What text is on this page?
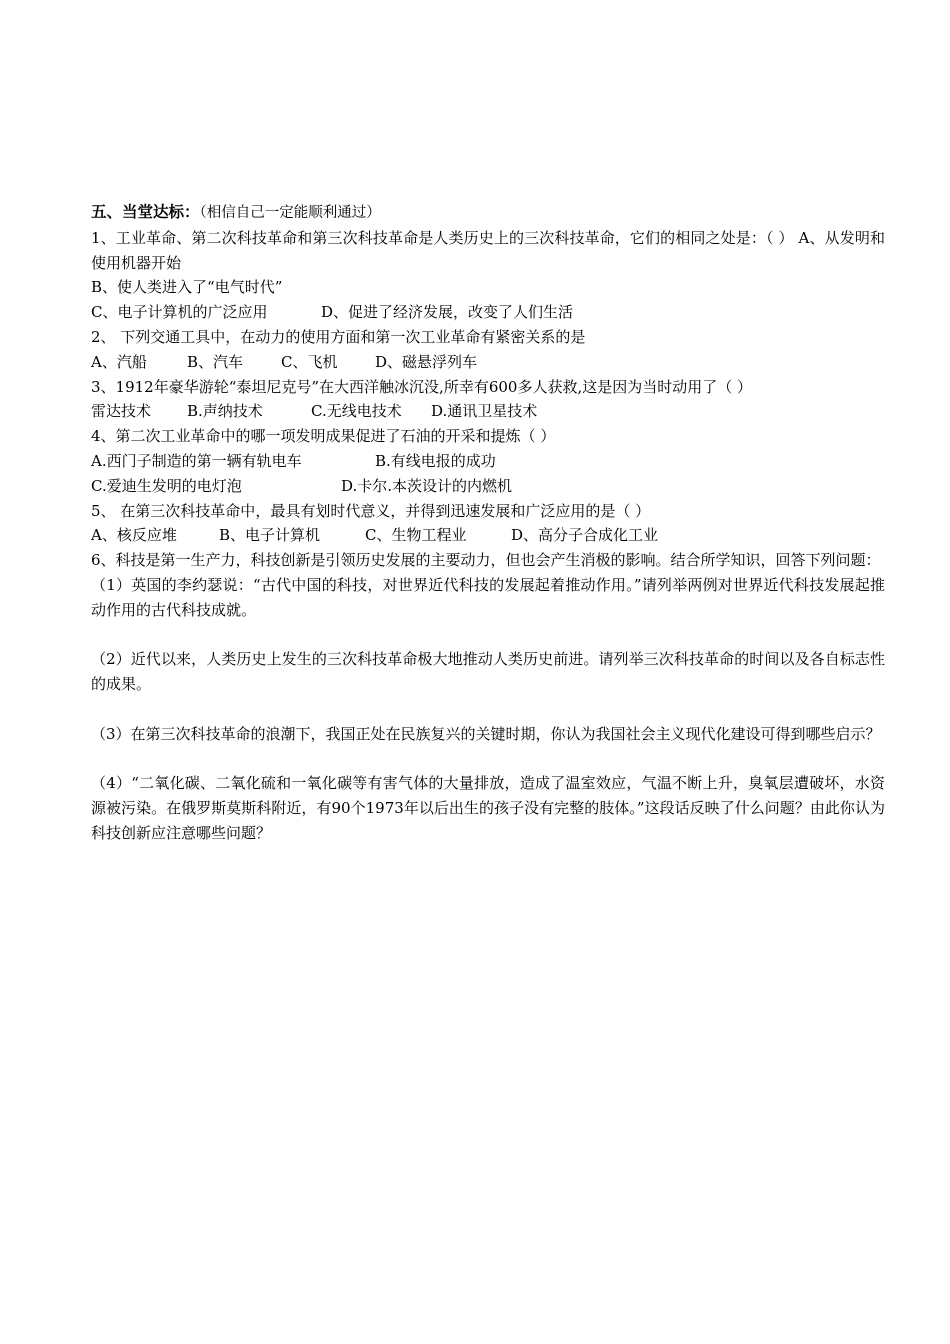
五、当堂达标：（相信自己一定能顺利通过）
1、工业革命、第二次科技革命和第三次科技革命是人类历史上的三次科技革命，它们的相同之处是：（ ） A、从发明和使用机器开始
B、使人类进入了“电气时代”
C、电子计算机的广泛应用	D、促进了经济发展，改变了人们生活
2、 下列交通工具中，在动力的使用方面和第一次工业革命有紧密关系的是
A、汽船	B、汽车	C、飞机	D、磁悬浮列车
3、1912年豪华游轮“泰坦尼克号”在大西洋触冰沉没,所幸有600多人获救,这是因为当时动用了（ ）
雷达技术 B.声纳技术	C.无线电技术 D.通讯卫星技术
4、第二次工业革命中的哪一项发明成果促进了石油的开采和提炼（ ）
A.西门子制造的第一辆有轨电车	B.有线电报的成功
C.爱迪生发明的电灯泡	D.卡尔.本茨设计的内燃机
5、 在第三次科技革命中，最具有划时代意义，并得到迅速发展和广泛应用的是（ ）
A、核反应堆	B、电子计算机	C、生物工程业	D、高分子合成化工业
6、科技是第一生产力，科技创新是引领历史发展的主要动力，但也会产生消极的影响。结合所学知识，回答下列问题：
（1）英国的李约瑟说：“古代中国的科技，对世界近代科技的发展起着推动作用。”请列举两例对世界近代科技发展起推动作用的古代科技成就。
（2）近代以来，人类历史上发生的三次科技革命极大地推动人类历史前进。请列举三次科技革命的时间以及各自标志性的成果。
（3）在第三次科技革命的浪潮下，我国正处在民族复兴的关键时期，你认为我国社会主义现代化建设可得到哪些启示？
（4）“二氧化碳、二氧化硫和一氧化碳等有害气体的大量排放，造成了温室效应，气温不断上升，臭氧层遭破坏，水资源被污染。在俄罗斯莫斯科附近，有90个1973年以后出生的孩子没有完整的肢体。”这段话反映了什么问题？由此你认为科技创新应注意哪些问题？
